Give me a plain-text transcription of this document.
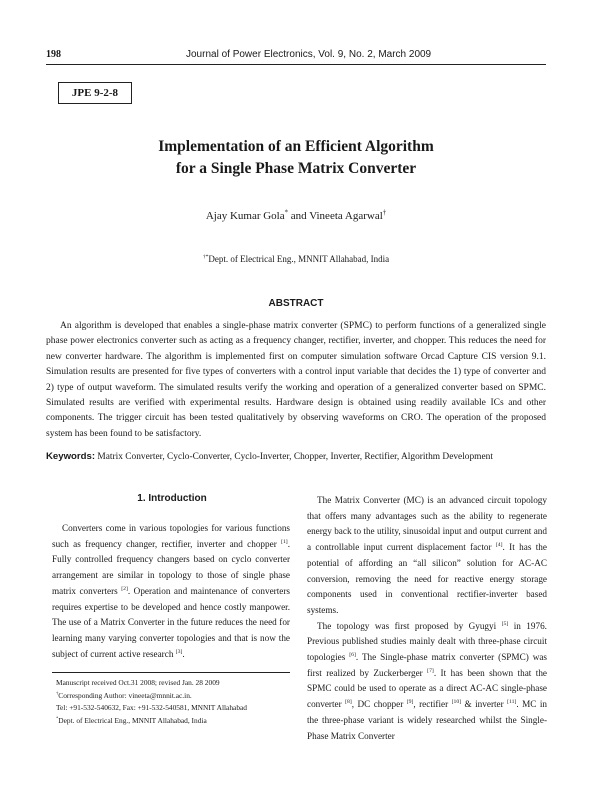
198	Journal of Power Electronics, Vol. 9, No. 2, March 2009
JPE 9-2-8
Implementation of an Efficient Algorithm
for a Single Phase Matrix Converter
Ajay Kumar Gola* and Vineeta Agarwal†
†*Dept. of Electrical Eng., MNNIT Allahabad, India
ABSTRACT
An algorithm is developed that enables a single-phase matrix converter (SPMC) to perform functions of a generalized single phase power electronics converter such as acting as a frequency changer, rectifier, inverter, and chopper. This reduces the need for new converter hardware. The algorithm is implemented first on computer simulation software Orcad Capture CIS version 9.1. Simulation results are presented for five types of converters with a control input variable that decides the 1) type of converter and 2) type of output waveform. The simulated results verify the working and operation of a generalized converter based on SPMC. Simulated results are verified with experimental results. Hardware design is obtained using readily available ICs and other components. The trigger circuit has been tested qualitatively by observing waveforms on CRO. The operation of the proposed system has been found to be satisfactory.
Keywords: Matrix Converter, Cyclo-Converter, Cyclo-Inverter, Chopper, Inverter, Rectifier, Algorithm Development
1. Introduction
Converters come in various topologies for various functions such as frequency changer, rectifier, inverter and chopper [1]. Fully controlled frequency changers based on cyclo converter arrangement are similar in topology to those of single phase matrix converters [2]. Operation and maintenance of converters requires expertise to be developed and hence costly manpower. The use of a Matrix Converter in the future reduces the need for learning many varying converter topologies and that is now the subject of current active research [3].
Manuscript received Oct.31 2008; revised Jan. 28 2009
†Corresponding Author: vineeta@mnnit.ac.in.
Tel: +91-532-540632, Fax: +91-532-540581, MNNIT Allahabad
*Dept. of Electrical Eng., MNNIT Allahabad, India

The Matrix Converter (MC) is an advanced circuit topology that offers many advantages such as the ability to regenerate energy back to the utility, sinusoidal input and output current and a controllable input current displacement factor [4]. It has the potential of affording an “all silicon” solution for AC-AC conversion, removing the need for reactive energy storage components used in conventional rectifier-inverter based systems.

The topology was first proposed by Gyugyi [5] in 1976. Previous published studies mainly dealt with three-phase circuit topologies [6]. The Single-phase matrix converter (SPMC) was first realized by Zuckerberger [7]. It has been shown that the SPMC could be used to operate as a direct AC-AC single-phase converter [8], DC chopper [9], rectifier [10] & inverter [11]. MC in the three-phase variant is widely researched whilst the Single-Phase Matrix Converter
